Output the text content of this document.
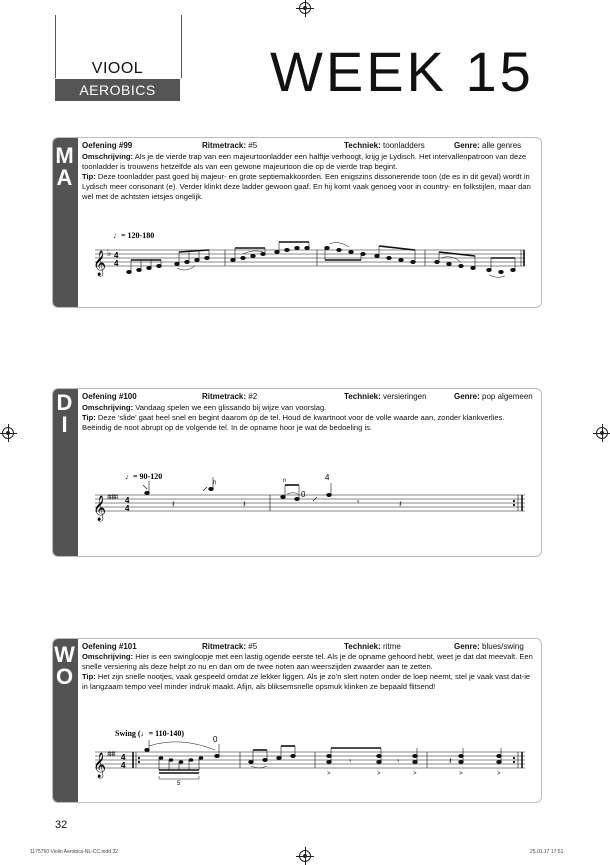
VIOOL
AEROBICS	WEEK 15
M
A
Oefening #99	Ritmetrack: #5	Techniek: toonladders	Genre: alle genres
Omschrijving: Als je de vierde trap van een majeurtoonladder een halftje verhoogt, krijg je Lydisch. Het intervallenpatroon van deze toonladder is trouwens hetzelfde als van een gewone majeurtoon die op de vierde trap begint.
Tip: Deze toonladder past goed bij majeur- en grote septiemakkoorden. Een enigszins dissonerende toon (de es in dit geval) wordt in Lydisch meer consonant (e). Verder klinkt deze ladder gewoon gaaf. En hij komt vaak genoeg voor in country- en folkstijlen, maar dan wel met de achtsten ietsjes ongelijk.
♩= 120-180
𝄞 ♭ 4
4
D
I
Oefening #100	Ritmetrack: #2	Techniek: versieringen	Genre: pop algemeen
Omschrijving: Vandaag spelen we een glissando bij wijze van voorslag.
Tip: Deze ‘slide’ gaat heel snel en begint daarom óp de tel. Houd de kwartnoot voor de volle waarde aan, zonder klankverlies. Beëindig de noot abrupt op de volgende tel. In de opname hoor je wat de bedoeling is.
♩= 90-120
𝄞 ♯♯♯♯ 4
4	𝄽
n
𝄽
n
𝄾	𝄽
0
4
W
O
Oefening #101	Ritmetrack: #5	Techniek: ritme	Genre: blues/swing
Omschrijving: Hier is een swingloopje met een lastig ogende eerste tel. Als je de opname gehoord hebt, weet je dat dat meevalt. Een snelle versiering als deze helpt zo nu en dan om de twee noten aan weerszijden zwaarder aan te zetten.
Tip: Het zijn snelle nootjes, vaak gespeeld omdat ze lekker liggen. Als je zo’n slert noten onder de loep neemt, stel je vaak vast dat-ie in langzaam tempo veel minder indruk maakt. Afijn, als bliksemsnelle opsmuk klinken ze bepaald flitsend!
Swing (♩= 110-140)
𝄞 ♯♯♯ 4
4	𝄾	𝄾	𝄽
>	>	>	>	>
5
0
32
1175750 Violin Aerobics-NL-CC.indd 32	25.01.17 17:51
